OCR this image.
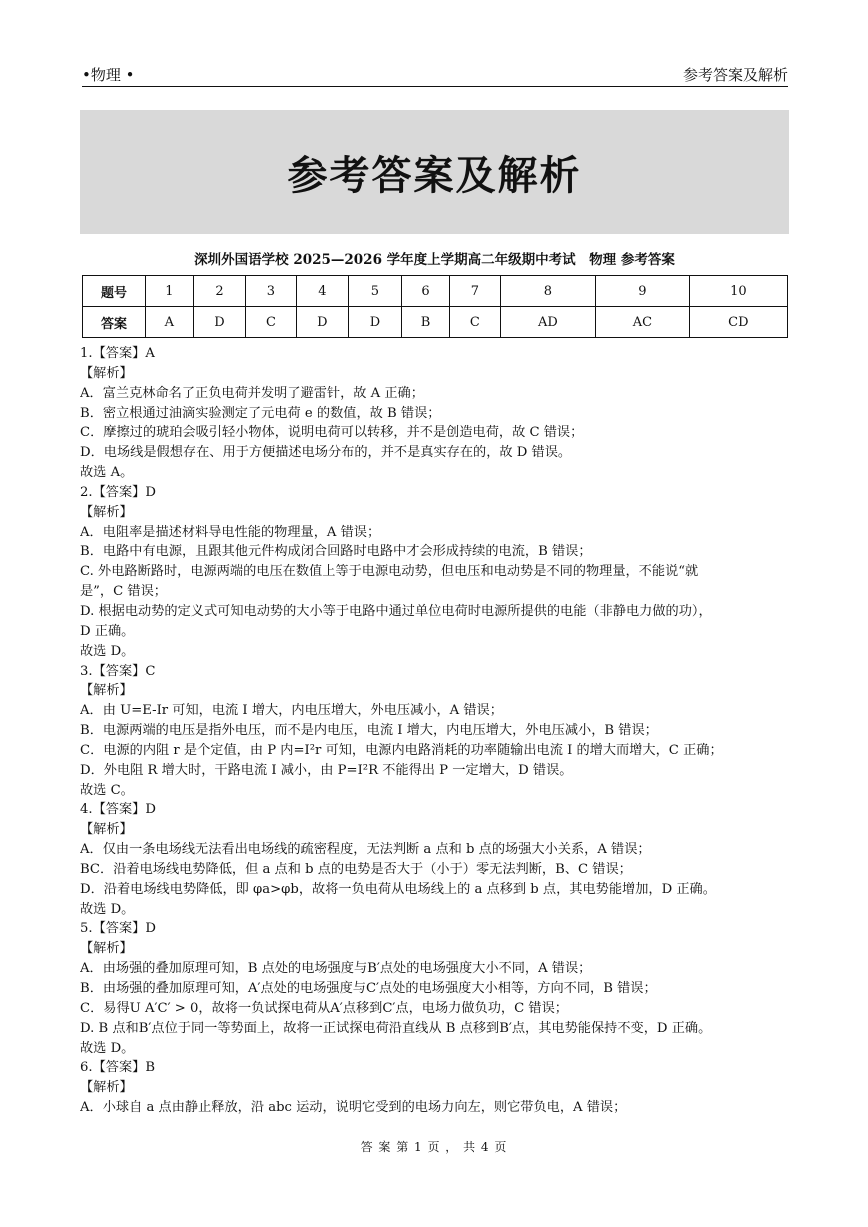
•物理 •	参考答案及解析
参考答案及解析
深圳外国语学校 2025—2026 学年度上学期高二年级期中考试　物理 参考答案
题号	1	2	3	4	5	6	7	8	9	10
答案	A	D	C	D	D	B	C	AD	AC	CD
1.【答案】A
【解析】
A．富兰克林命名了正负电荷并发明了避雷针，故 A 正确；
B．密立根通过油滴实验测定了元电荷 e 的数值，故 B 错误；
C．摩擦过的琥珀会吸引轻小物体，说明电荷可以转移，并不是创造电荷，故 C 错误；
D．电场线是假想存在、用于方便描述电场分布的，并不是真实存在的，故 D 错误。
故选 A。
2.【答案】D
【解析】
A．电阻率是描述材料导电性能的物理量，A 错误；
B．电路中有电源，且跟其他元件构成闭合回路时电路中才会形成持续的电流，B 错误；
C. 外电路断路时，电源两端的电压在数值上等于电源电动势，但电压和电动势是不同的物理量，不能说“就
是”，C 错误；
D. 根据电动势的定义式可知电动势的大小等于电路中通过单位电荷时电源所提供的电能（非静电力做的功），
D 正确。
故选 D。
3.【答案】C
【解析】
A．由 U=E-Ir 可知，电流 I 增大，内电压增大，外电压减小，A 错误；
B．电源两端的电压是指外电压，而不是内电压，电流 I 增大，内电压增大，外电压减小，B 错误；
C．电源的内阻 r 是个定值，由 P 内=I²r 可知，电源内电路消耗的功率随输出电流 I 的增大而增大，C 正确；
D．外电阻 R 增大时，干路电流 I 减小，由 P=I²R 不能得出 P 一定增大，D 错误。
故选 C。
4.【答案】D
【解析】
A．仅由一条电场线无法看出电场线的疏密程度，无法判断 a 点和 b 点的场强大小关系，A 错误；
BC．沿着电场线电势降低，但 a 点和 b 点的电势是否大于（小于）零无法判断，B、C 错误；
D．沿着电场线电势降低，即 φa>φb，故将一负电荷从电场线上的 a 点移到 b 点，其电势能增加，D 正确。
故选 D。
5.【答案】D
【解析】
A．由场强的叠加原理可知，B 点处的电场强度与B′点处的电场强度大小不同，A 错误；
B．由场强的叠加原理可知，A′点处的电场强度与C′点处的电场强度大小相等，方向不同，B 错误；
C．易得U A′C′ > 0，故将一负试探电荷从A′点移到C′点，电场力做负功，C 错误；
D. B 点和B′点位于同一等势面上，故将一正试探电荷沿直线从 B 点移到B′点，其电势能保持不变，D 正确。
故选 D。
6.【答案】B
【解析】
A．小球自 a 点由静止释放，沿 abc 运动，说明它受到的电场力向左，则它带负电，A 错误；
答 案 第 1 页 ， 共 4 页
